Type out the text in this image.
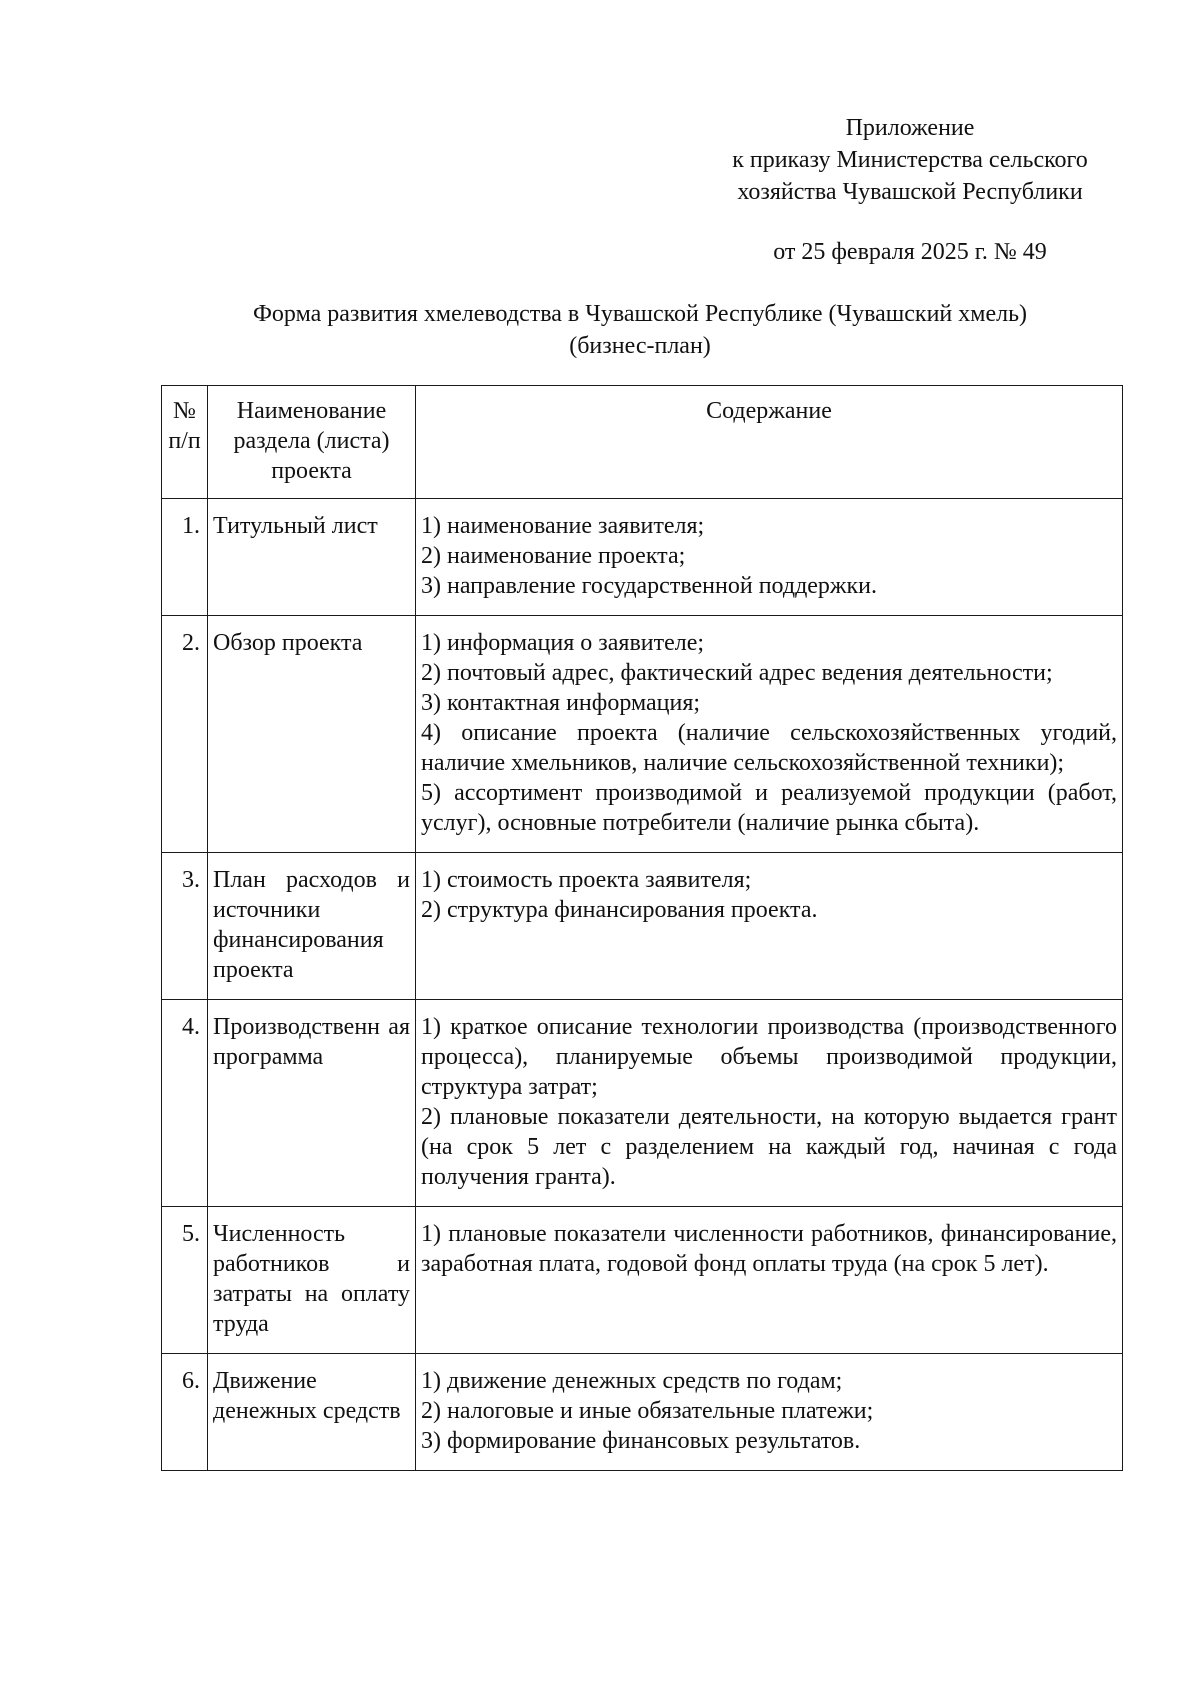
Приложение
к приказу Министерства сельского
хозяйства Чувашской Республики
от 25 февраля 2025 г. № 49
Форма развития хмелеводства в Чувашской Республике (Чувашский хмель)
(бизнес-план)
№ п/п	Наименование раздела (листа) проекта	Содержание
1.	Титульный лист	1) наименование заявителя;
2) наименование проекта;
3) направление государственной поддержки.

2.	Обзор проекта	1) информация о заявителе;
2) почтовый адрес, фактический адрес ведения деятельности;
3) контактная информация;
4) описание проекта (наличие сельскохозяйственных угодий, наличие хмельников, наличие сельскохозяйственной техники);
5) ассортимент производимой и реализуемой продукции (работ, услуг), основные потребители (наличие рынка сбыта).

3.	План расходов и источники финансирования проекта	1) стоимость проекта заявителя;
2) структура финансирования проекта.

4.	Производственн ая программа	1) краткое описание технологии производства (производственного процесса), планируемые объемы производимой продукции, структура затрат;
2) плановые показатели деятельности, на которую выдается грант (на срок 5 лет с разделением на каждый год, начиная с года получения гранта).

5.	Численность работников и затраты на оплату труда	1) плановые показатели численности работников, финансирование, заработная плата, годовой фонд оплаты труда (на срок 5 лет).

6.	Движение денежных средств	1) движение денежных средств по годам;
2) налоговые и иные обязательные платежи;
3) формирование финансовых результатов.
